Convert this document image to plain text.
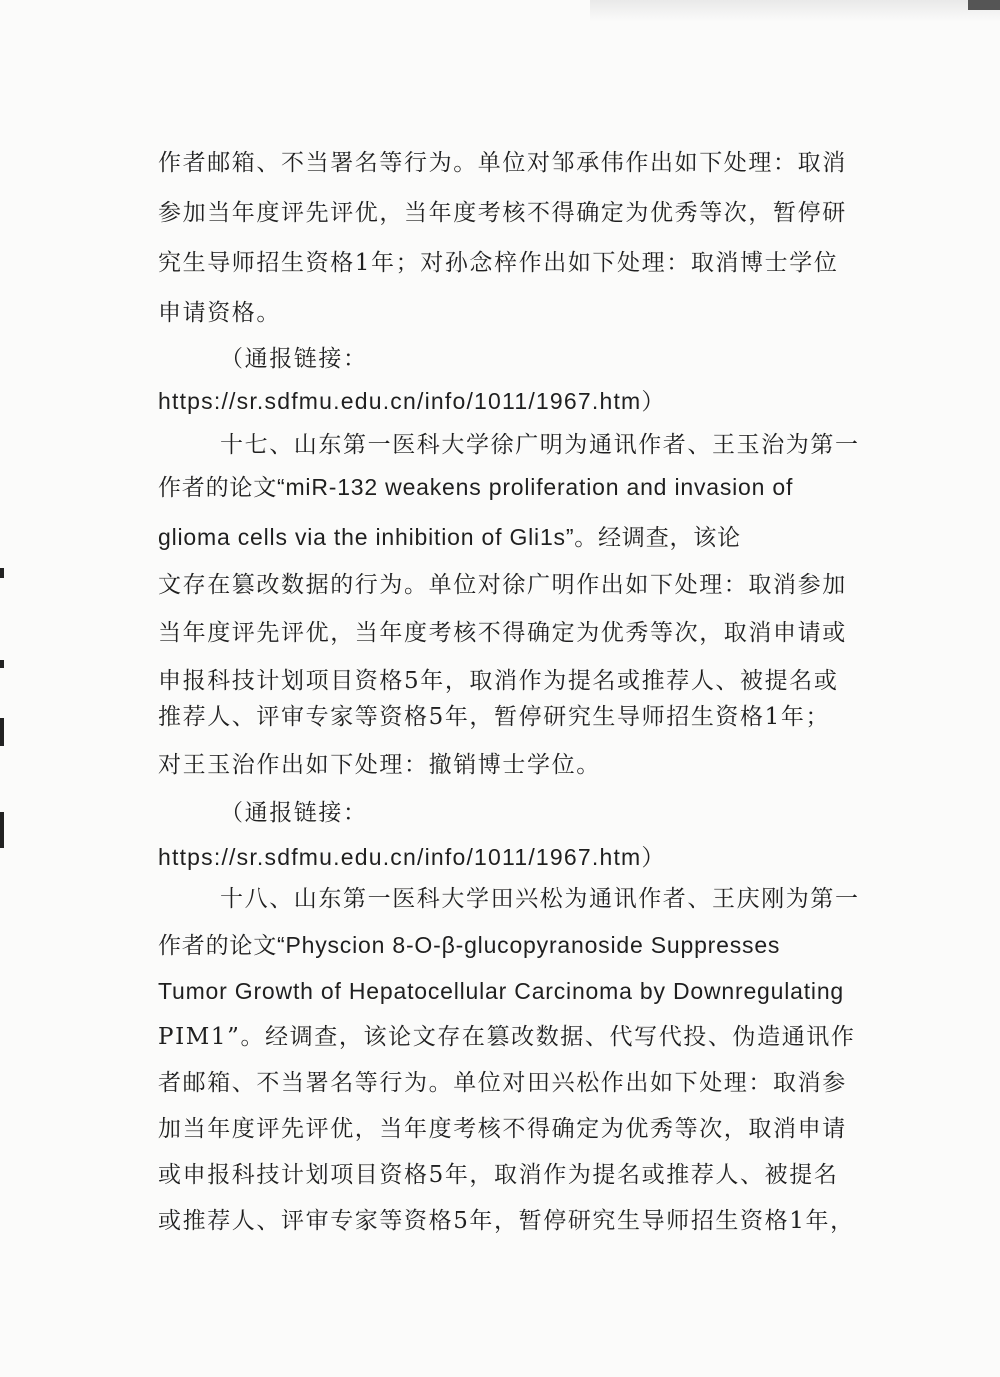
作者邮箱、不当署名等行为。单位对邹承伟作出如下处理：取消
参加当年度评先评优，当年度考核不得确定为优秀等次，暂停研
究生导师招生资格1年；对孙念梓作出如下处理：取消博士学位
申请资格。
（通报链接：
https://sr.sdfmu.edu.cn/info/1011/1967.htm）
十七、山东第一医科大学徐广明为通讯作者、王玉治为第一
作者的论文“miR-132 weakens proliferation and invasion of
glioma cells via the inhibition of Gli1s”。经调查，该论
文存在篡改数据的行为。单位对徐广明作出如下处理：取消参加
当年度评先评优，当年度考核不得确定为优秀等次，取消申请或
申报科技计划项目资格5年，取消作为提名或推荐人、被提名或
推荐人、评审专家等资格5年，暂停研究生导师招生资格1年；
对王玉治作出如下处理：撤销博士学位。
（通报链接：
https://sr.sdfmu.edu.cn/info/1011/1967.htm）
十八、山东第一医科大学田兴松为通讯作者、王庆刚为第一
作者的论文“Physcion 8-O-β-glucopyranoside Suppresses
Tumor Growth of Hepatocellular Carcinoma by Downregulating
PIM1”。经调查，该论文存在篡改数据、代写代投、伪造通讯作
者邮箱、不当署名等行为。单位对田兴松作出如下处理：取消参
加当年度评先评优，当年度考核不得确定为优秀等次，取消申请
或申报科技计划项目资格5年，取消作为提名或推荐人、被提名
或推荐人、评审专家等资格5年，暂停研究生导师招生资格1年，
